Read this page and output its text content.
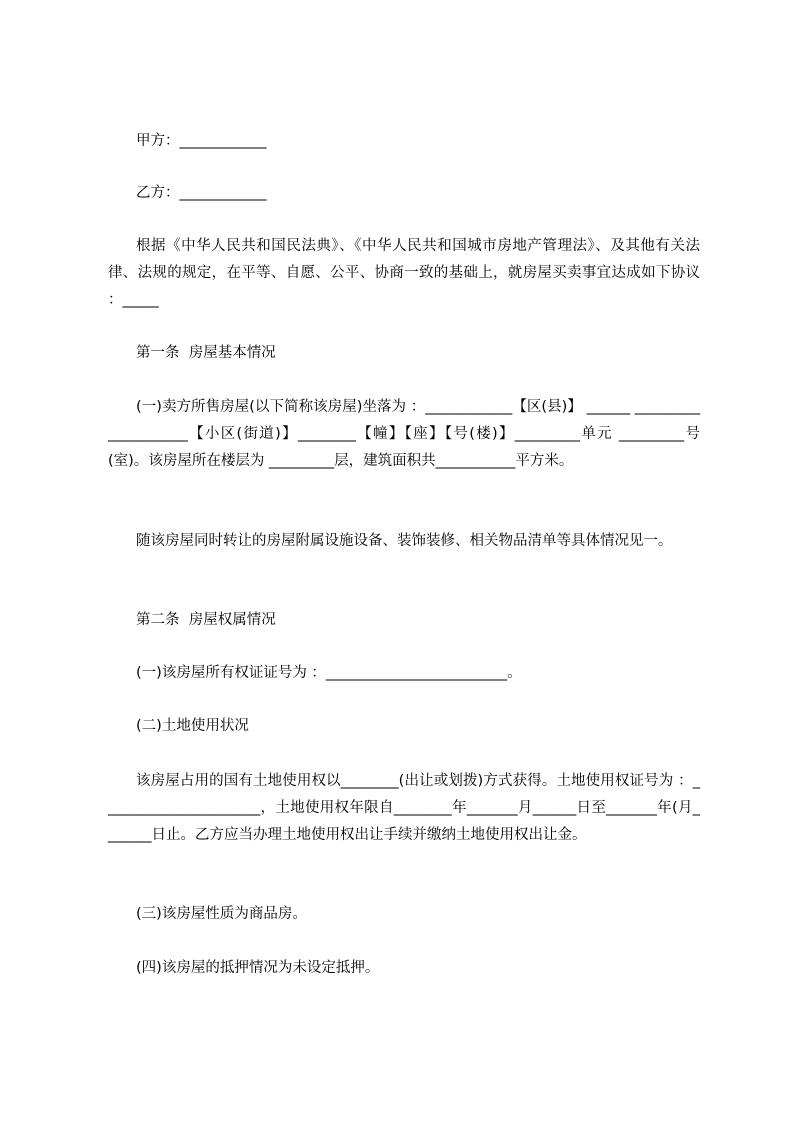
甲方：____________

乙方：____________

根据《中华人民共和国民法典》、《中华人民共和国城市房地产管理法》、及其他有关法律、法规的规定，在平等、自愿、公平、协商一致的基础上，就房屋买卖事宜达成如下协议 ：_____

第一条  房屋基本情况

(一)卖方所售房屋(以下简称该房屋)坐落为 ：____________【区(县)】 ______ ____________________【小区(街道)】________【幢】【座】【号(楼)】_________单元 _________号(室)。该房屋所在楼层为 _________层，建筑面积共___________平方米。

随该房屋同时转让的房屋附属设施设备、装饰装修、相关物品清单等具体情况见一。

第二条  房屋权属情况

(一)该房屋所有权证证号为 ：_________________________。

(二)土地使用状况

该房屋占用的国有土地使用权以________(出让或划拨)方式获得。土地使用权证号为 ：______________________，土地使用权年限自________年_______月______日至_______年(月_______日止。乙方应当办理土地使用权出让手续并缴纳土地使用权出让金。

(三)该房屋性质为商品房。

(四)该房屋的抵押情况为未设定抵押。
